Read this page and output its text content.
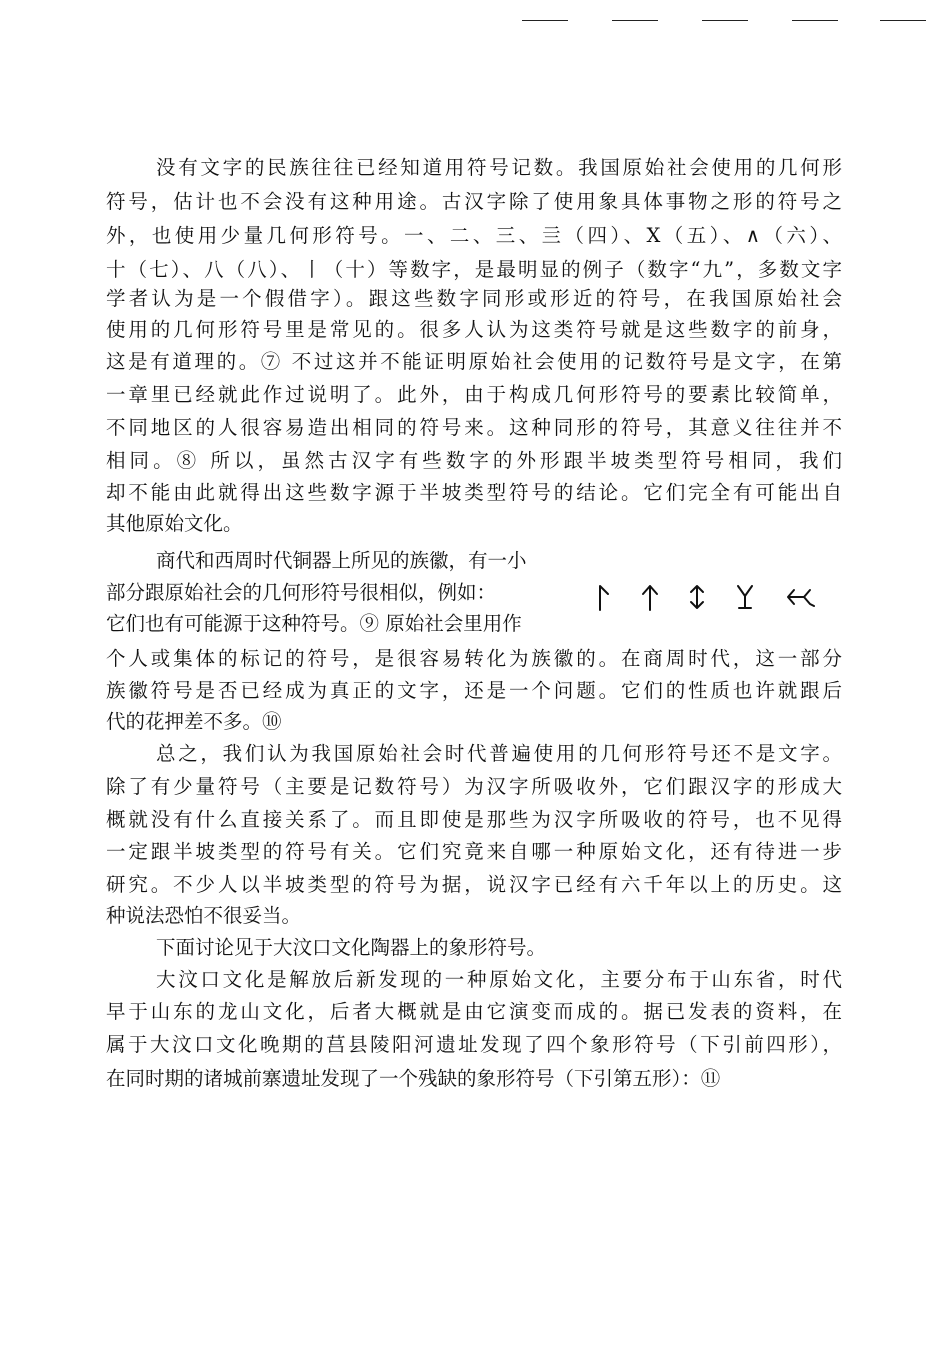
没有文字的民族往往已经知道用符号记数。我国原始社会使用的几何形
符号，估计也不会没有这种用途。古汉字除了使用象具体事物之形的符号之
外，也使用少量几何形符号。一、二、三、亖（四）、X（五）、∧（六）、
十（七）、八（八）、丨（十）等数字，是最明显的例子（数字“九”，多数文字
学者认为是一个假借字）。跟这些数字同形或形近的符号，在我国原始社会
使用的几何形符号里是常见的。很多人认为这类符号就是这些数字的前身，
这是有道理的。⑦ 不过这并不能证明原始社会使用的记数符号是文字，在第
一章里已经就此作过说明了。此外，由于构成几何形符号的要素比较简单，
不同地区的人很容易造出相同的符号来。这种同形的符号，其意义往往并不
相同。⑧ 所以，虽然古汉字有些数字的外形跟半坡类型符号相同，我们
却不能由此就得出这些数字源于半坡类型符号的结论。它们完全有可能出自
其他原始文化。
商代和西周时代铜器上所见的族徽，有一小
部分跟原始社会的几何形符号很相似，例如：
它们也有可能源于这种符号。⑨ 原始社会里用作
个人或集体的标记的符号，是很容易转化为族徽的。在商周时代，这一部分
族徽符号是否已经成为真正的文字，还是一个问题。它们的性质也许就跟后
代的花押差不多。⑩
总之，我们认为我国原始社会时代普遍使用的几何形符号还不是文字。
除了有少量符号（主要是记数符号）为汉字所吸收外，它们跟汉字的形成大
概就没有什么直接关系了。而且即使是那些为汉字所吸收的符号，也不见得
一定跟半坡类型的符号有关。它们究竟来自哪一种原始文化，还有待进一步
研究。不少人以半坡类型的符号为据，说汉字已经有六千年以上的历史。这
种说法恐怕不很妥当。
下面讨论见于大汶口文化陶器上的象形符号。
大汶口文化是解放后新发现的一种原始文化，主要分布于山东省，时代
早于山东的龙山文化，后者大概就是由它演变而成的。据已发表的资料，在
属于大汶口文化晚期的莒县陵阳河遗址发现了四个象形符号（下引前四形），
在同时期的诸城前寨遗址发现了一个残缺的象形符号（下引第五形）：⑪
